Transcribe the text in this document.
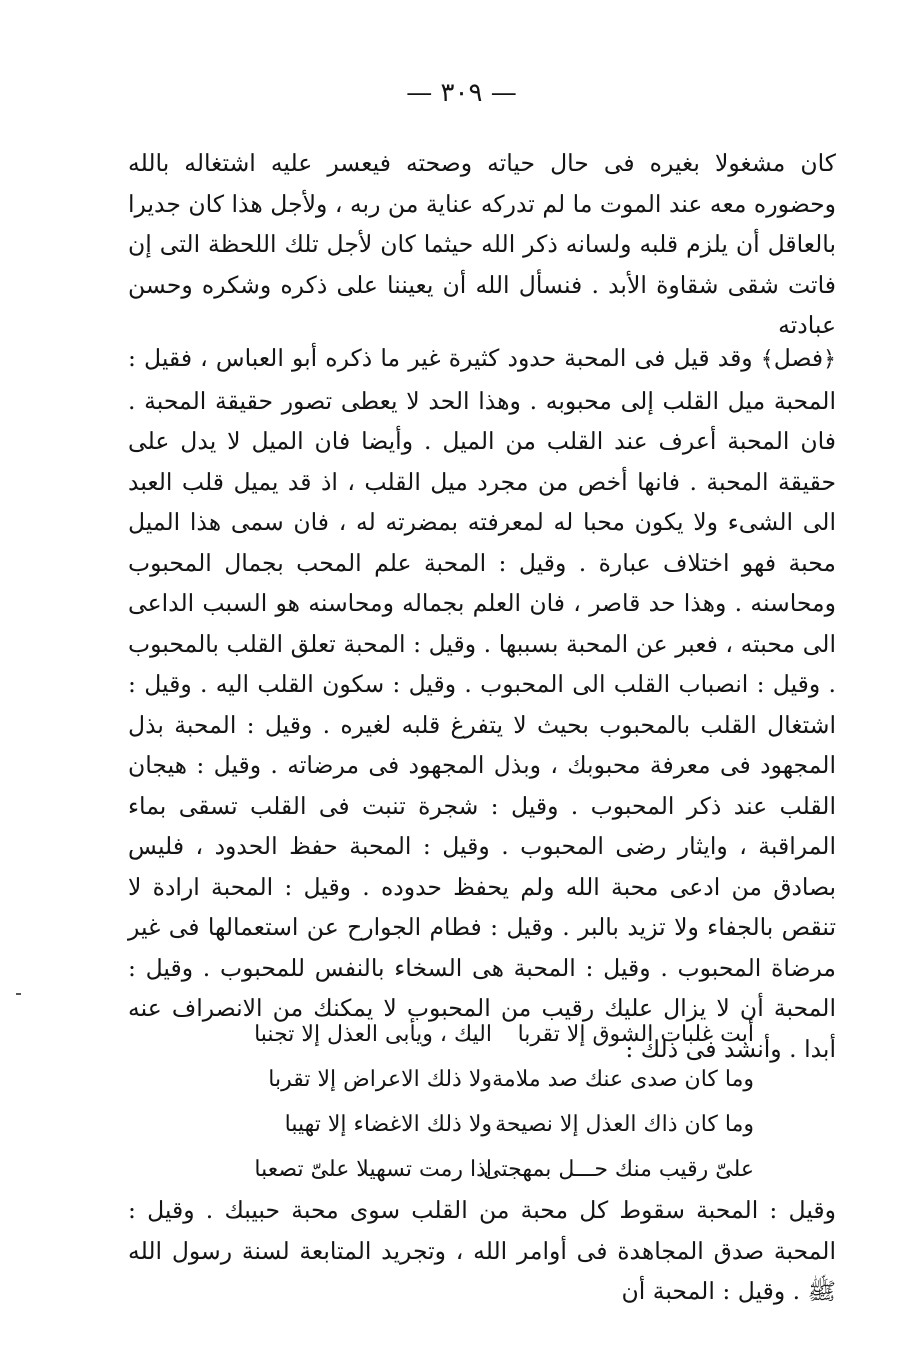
— ٣٠٩ —

كان مشغولا بغيره فى حال حياته وصحته فيعسر عليه اشتغاله بالله وحضوره معه عند الموت ما لم تدركه عناية من ربه ، ولأجل هذا كان جديرا بالعاقل أن يلزم قلبه ولسانه ذكر الله حيثما كان لأجل تلك اللحظة التى إن فاتت شقى شقاوة الأبد . فنسأل الله أن يعيننا على ذكره وشكره وحسن عبادته

﴿فصل﴾ وقد قيل فى المحبة حدود كثيرة غير ما ذكره أبو العباس ، فقيل : المحبة ميل القلب إلى محبوبه . وهذا الحد لا يعطى تصور حقيقة المحبة . فان المحبة أعرف عند القلب من الميل . وأيضا فان الميل لا يدل على حقيقة المحبة . فانها أخص من مجرد ميل القلب ، اذ قد يميل قلب العبد الى الشىء ولا يكون محبا له لمعرفته بمضرته له ، فان سمى هذا الميل محبة فهو اختلاف عبارة . وقيل : المحبة علم المحب بجمال المحبوب ومحاسنه . وهذا حد قاصر ، فان العلم بجماله ومحاسنه هو السبب الداعى الى محبته ، فعبر عن المحبة بسببها . وقيل : المحبة تعلق القلب بالمحبوب . وقيل : انصباب القلب الى المحبوب . وقيل : سكون القلب اليه . وقيل : اشتغال القلب بالمحبوب بحيث لا يتفرغ قلبه لغيره . وقيل : المحبة بذل المجهود فى معرفة محبوبك ، وبذل المجهود فى مرضاته . وقيل : هيجان القلب عند ذكر المحبوب . وقيل : شجرة تنبت فى القلب تسقى بماء المراقبة ، وايثار رضى المحبوب . وقيل : المحبة حفظ الحدود ، فليس بصادق من ادعى محبة الله ولم يحفظ حدوده . وقيل : المحبة ارادة لا تنقص بالجفاء ولا تزيد بالبر . وقيل : فطام الجوارح عن استعمالها فى غير مرضاة المحبوب . وقيل : المحبة هى السخاء بالنفس للمحبوب . وقيل : المحبة أن لا يزال عليك رقيب من المحبوب لا يمكنك من الانصراف عنه أبدا . وأنشد فى ذلك :

أبت غلبات الشوق إلا تقربا
اليك ، ويأبى العذل إلا تجنبا
وما كان صدى عنك صد ملامة
ولا ذلك الاعراض إلا تقربا
وما كان ذاك العذل إلا نصيحة
ولا ذلك الاغضاء إلا تهيبا
علىّ رقيب منك حـــل بمهجتى
اذا رمت تسهيلا علىّ تصعبا

وقيل : المحبة سقوط كل محبة من القلب سوى محبة حبيبك . وقيل : المحبة صدق المجاهدة فى أوامر الله ، وتجريد المتابعة لسنة رسول الله ﷺ . وقيل : المحبة أن
